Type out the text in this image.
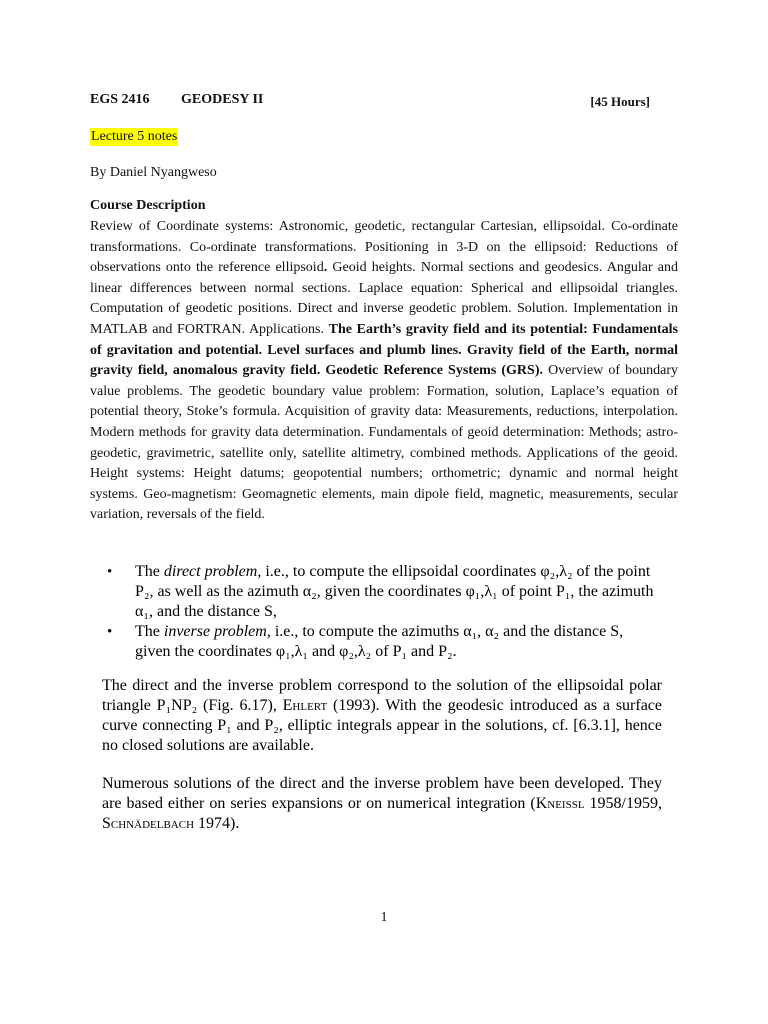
EGS 2416 GEODESY II	[45 Hours]
Lecture 5 notes
By Daniel Nyangweso
Course Description
Review of Coordinate systems: Astronomic, geodetic, rectangular Cartesian, ellipsoidal. Co-ordinate transformations. Co-ordinate transformations. Positioning in 3-D on the ellipsoid: Reductions of observations onto the reference ellipsoid. Geoid heights. Normal sections and geodesics. Angular and linear differences between normal sections. Laplace equation: Spherical and ellipsoidal triangles. Computation of geodetic positions. Direct and inverse geodetic problem. Solution. Implementation in MATLAB and FORTRAN. Applications. The Earth’s gravity field and its potential: Fundamentals of gravitation and potential. Level surfaces and plumb lines. Gravity field of the Earth, normal gravity field, anomalous gravity field. Geodetic Reference Systems (GRS). Overview of boundary value problems. The geodetic boundary value problem: Formation, solution, Laplace’s equation of potential theory, Stoke’s formula. Acquisition of gravity data: Measurements, reductions, interpolation. Modern methods for gravity data determination. Fundamentals of geoid determination: Methods; astro-geodetic, gravimetric, satellite only, satellite altimetry, combined methods. Applications of the geoid. Height systems: Height datums; geopotential numbers; orthometric; dynamic and normal height systems. Geo-magnetism: Geomagnetic elements, main dipole field, magnetic, measurements, secular variation, reversals of the field.
• The direct problem, i.e., to compute the ellipsoidal coordinates φ₂,λ₂ of the point P₂, as well as the azimuth α₂, given the coordinates φ₁,λ₁ of point P₁, the azimuth α₁, and the distance S,
• The inverse problem, i.e., to compute the azimuths α₁, α₂ and the distance S, given the coordinates φ₁,λ₁ and φ₂,λ₂ of P₁ and P₂.
The direct and the inverse problem correspond to the solution of the ellipsoidal polar triangle P₁NP₂ (Fig. 6.17), Ehlert (1993). With the geodesic introduced as a surface curve connecting P₁ and P₂, elliptic integrals appear in the solutions, cf. [6.3.1], hence no closed solutions are available.
Numerous solutions of the direct and the inverse problem have been developed. They are based either on series expansions or on numerical integration (Kneissl 1958/1959, Schnädelbach 1974).
1
